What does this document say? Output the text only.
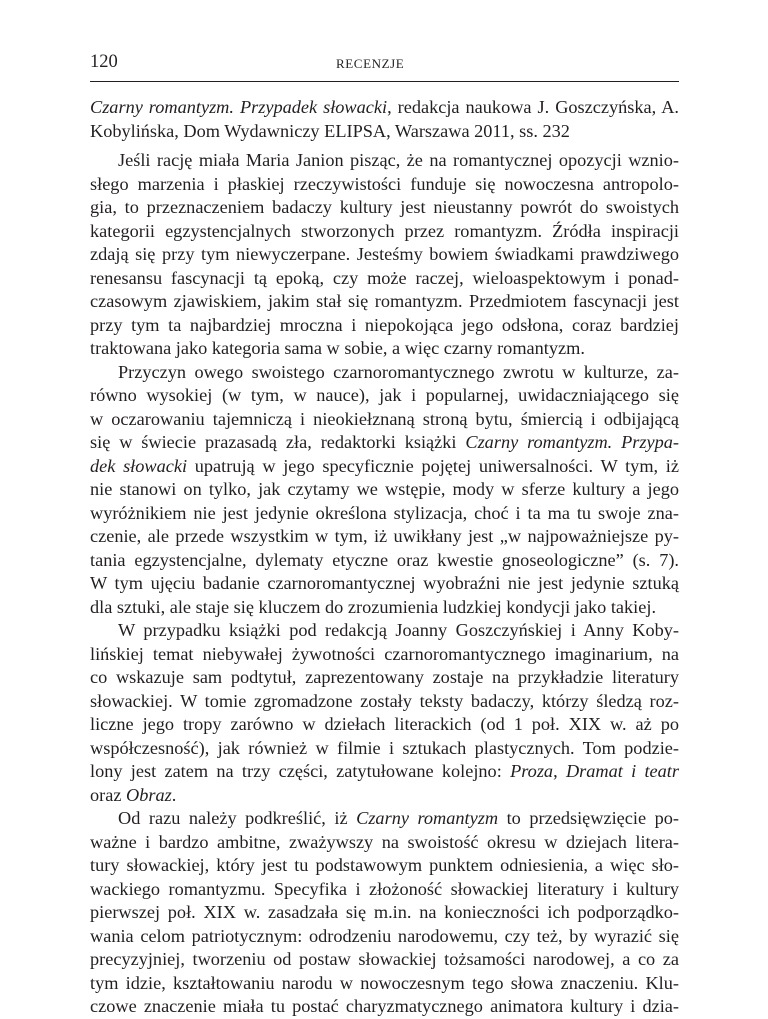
120	RECENZJE
Czarny romantyzm. Przypadek słowacki, redakcja naukowa J. Goszczyńska, A. Kobylińska, Dom Wydawniczy ELIPSA, Warszawa 2011, ss. 232
Jeśli rację miała Maria Janion pisząc, że na romantycznej opozycji wznio-
słego marzenia i płaskiej rzeczywistości funduje się nowoczesna antropolo-
gia, to przeznaczeniem badaczy kultury jest nieustanny powrót do swoistych
kategorii egzystencjalnych stworzonych przez romantyzm. Źródła inspiracji
zdają się przy tym niewyczerpane. Jesteśmy bowiem świadkami prawdziwego
renesansu fascynacji tą epoką, czy może raczej, wieloaspektowym i ponad-
czasowym zjawiskiem, jakim stał się romantyzm. Przedmiotem fascynacji jest
przy tym ta najbardziej mroczna i niepokojąca jego odsłona, coraz bardziej
traktowana jako kategoria sama w sobie, a więc czarny romantyzm.
Przyczyn owego swoistego czarnoromantycznego zwrotu w kulturze, za-
równo wysokiej (w tym, w nauce), jak i popularnej, uwidaczniającego się
w oczarowaniu tajemniczą i nieokiełznaną stroną bytu, śmiercią i odbijającą
się w świecie prazasadą zła, redaktorki książki Czarny romantyzm. Przypa-
dek słowacki upatrują w jego specyficznie pojętej uniwersalności. W tym, iż
nie stanowi on tylko, jak czytamy we wstępie, mody w sferze kultury a jego
wyróżnikiem nie jest jedynie określona stylizacja, choć i ta ma tu swoje zna-
czenie, ale przede wszystkim w tym, iż uwikłany jest „w najpoważniejsze py-
tania egzystencjalne, dylematy etyczne oraz kwestie gnoseologiczne” (s. 7).
W tym ujęciu badanie czarnoromantycznej wyobraźni nie jest jedynie sztuką
dla sztuki, ale staje się kluczem do zrozumienia ludzkiej kondycji jako takiej.
W przypadku książki pod redakcją Joanny Goszczyńskiej i Anny Koby-
lińskiej temat niebywałej żywotności czarnoromantycznego imaginarium, na
co wskazuje sam podtytuł, zaprezentowany zostaje na przykładzie literatury
słowackiej. W tomie zgromadzone zostały teksty badaczy, którzy śledzą roz-
liczne jego tropy zarówno w dziełach literackich (od 1 poł. XIX w. aż po
współczesność), jak również w filmie i sztukach plastycznych. Tom podzie-
lony jest zatem na trzy części, zatytułowane kolejno: Proza, Dramat i teatr
oraz Obraz.
Od razu należy podkreślić, iż Czarny romantyzm to przedsięwzięcie po-
ważne i bardzo ambitne, zważywszy na swoistość okresu w dziejach litera-
tury słowackiej, który jest tu podstawowym punktem odniesienia, a więc sło-
wackiego romantyzmu. Specyfika i złożoność słowackiej literatury i kultury
pierwszej poł. XIX w. zasadzała się m.in. na konieczności ich podporządko-
wania celom patriotycznym: odrodzeniu narodowemu, czy też, by wyrazić się
precyzyjniej, tworzeniu od postaw słowackiej tożsamości narodowej, a co za
tym idzie, kształtowaniu narodu w nowoczesnym tego słowa znaczeniu. Klu-
czowe znaczenie miała tu postać charyzmatycznego animatora kultury i dzia-
